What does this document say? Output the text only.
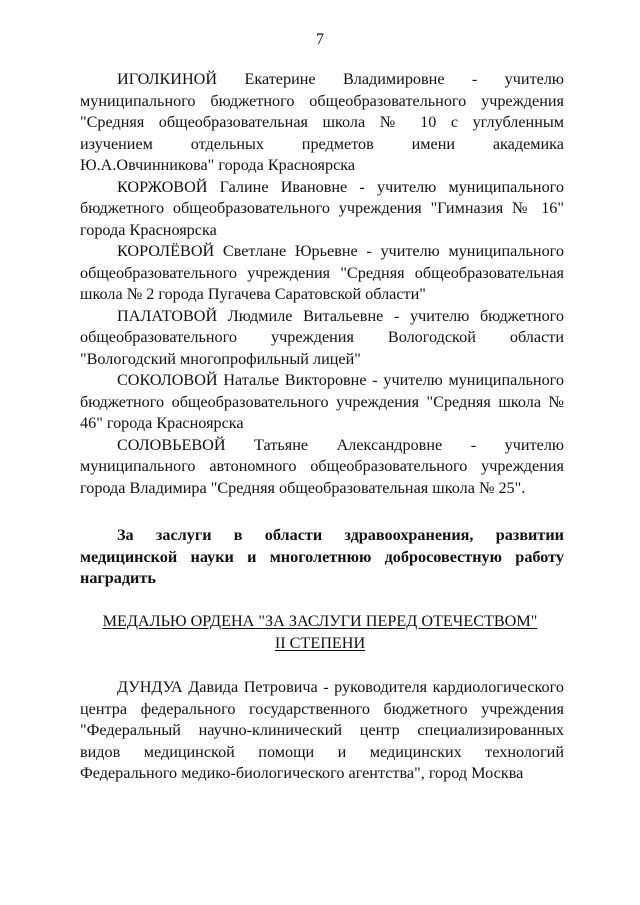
7

ИГОЛКИНОЙ Екатерине Владимировне - учителю муниципального бюджетного общеобразовательного учреждения "Средняя общеобразовательная школа № 10 с углубленным изучением отдельных предметов имени академика Ю.А.Овчинникова" города Красноярска

КОРЖОВОЙ Галине Ивановне - учителю муниципального бюджетного общеобразовательного учреждения "Гимназия № 16" города Красноярска

КОРОЛЁВОЙ Светлане Юрьевне - учителю муниципального общеобразовательного учреждения "Средняя общеобразовательная школа № 2 города Пугачева Саратовской области"

ПАЛАТОВОЙ Людмиле Витальевне - учителю бюджетного общеобразовательного учреждения Вологодской области "Вологодский многопрофильный лицей"

СОКОЛОВОЙ Наталье Викторовне - учителю муниципального бюджетного общеобразовательного учреждения "Средняя школа № 46" города Красноярска

СОЛОВЬЕВОЙ Татьяне Александровне - учителю муниципального автономного общеобразовательного учреждения города Владимира "Средняя общеобразовательная школа № 25".

За заслуги в области здравоохранения, развитии медицинской науки и многолетнюю добросовестную работу наградить

МЕДАЛЬЮ ОРДЕНА "ЗА ЗАСЛУГИ ПЕРЕД ОТЕЧЕСТВОМ"
II СТЕПЕНИ

ДУНДУА Давида Петровича - руководителя кардиологического центра федерального государственного бюджетного учреждения "Федеральный научно-клинический центр специализированных видов медицинской помощи и медицинских технологий Федерального медико-биологического агентства", город Москва
